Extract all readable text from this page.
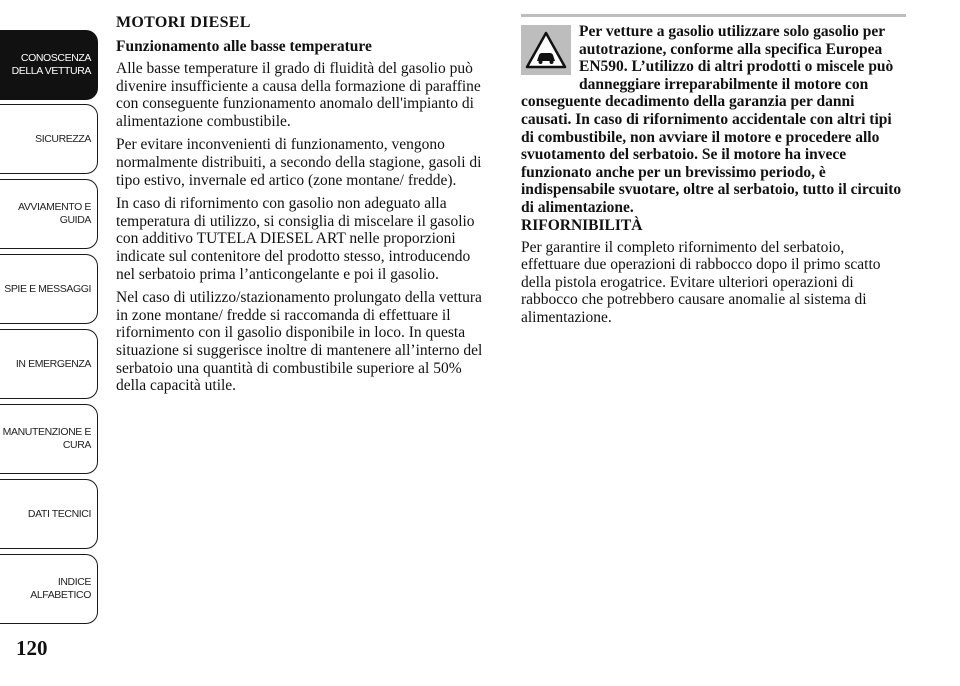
CONOSCENZA
DELLA VETTURA
SICUREZZA
AVVIAMENTO E
GUIDA
SPIE E MESSAGGI
IN EMERGENZA
MANUTENZIONE E
CURA
DATI TECNICI
INDICE
ALFABETICO
120
MOTORI DIESEL
Funzionamento alle basse temperature

Alle basse temperature il grado di fluidità del gasolio può divenire insufficiente a causa della formazione di paraffine con conseguente funzionamento anomalo dell'impianto di alimentazione combustibile.

Per evitare inconvenienti di funzionamento, vengono normalmente distribuiti, a secondo della stagione, gasoli di tipo estivo, invernale ed artico (zone montane/ fredde).

In caso di rifornimento con gasolio non adeguato alla temperatura di utilizzo, si consiglia di miscelare il gasolio con additivo TUTELA DIESEL ART nelle proporzioni indicate sul contenitore del prodotto stesso, introducendo nel serbatoio prima l’anticongelante e poi il gasolio.

Nel caso di utilizzo/stazionamento prolungato della vettura in zone montane/ fredde si raccomanda di effettuare il rifornimento con il gasolio disponibile in loco. In questa situazione si suggerisce inoltre di mantenere all’interno del serbatoio una quantità di combustibile superiore al 50% della capacità utile.

Per vetture a gasolio utilizzare solo gasolio per autotrazione, conforme alla specifica Europea EN590. L’utilizzo di altri prodotti o miscele può danneggiare irreparabilmente il motore con conseguente decadimento della garanzia per danni causati. In caso di rifornimento accidentale con altri tipi di combustibile, non avviare il motore e procedere allo svuotamento del serbatoio. Se il motore ha invece funzionato anche per un brevissimo periodo, è indispensabile svuotare, oltre al serbatoio, tutto il circuito di alimentazione.
RIFORNIBILITÀ

Per garantire il completo rifornimento del serbatoio, effettuare due operazioni di rabbocco dopo il primo scatto della pistola erogatrice. Evitare ulteriori operazioni di rabbocco che potrebbero causare anomalie al sistema di alimentazione.
